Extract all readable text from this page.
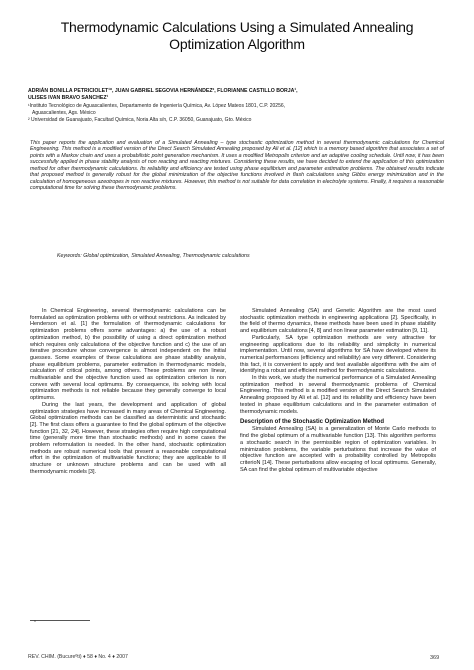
Thermodynamic Calculations Using a Simulated Annealing Optimization Algorithm
ADRIÁN BONILLA PETRICIOLET¹*, JUAN GABRIEL SEGOVIA HERNÁNDEZ², FLORIANNE CASTILLO BORJA¹,
ULISES IVAN BRAVO SANCHEZ¹

¹Instituto Tecnológico de Aguascalientes, Departamento de Ingeniería Química, Av. López Mateos 1801, C.P. 20256,

Aguascalientes, Ags. México

² Universidad de Guanajuato, Facultad Química, Noria Alta s/n, C.P. 36050, Guanajuato, Gto. México

This paper reports the application and evaluation of a Simulated Annealing – type stochastic optimization method in several thermodynamic calculations for Chemical Engineering. This method is a modified version of the Direct Search Simulated Annealing proposed by Ali et al. [12] which is a memory based algorithm that associates a set of points with a Markov chain and uses a probabilistic point generation mechanism. It uses a modified Metropolis criterion and an adaptive cooling schedule. Until now, it has been successfully applied in phase stability analysis of non reacting and reacting mixtures. Considering these results, we have decided to extend the application of this optimization method for other thermodynamic calculations. Its reliability and efficiency are tested using phase equilibrium and parameter estimation problems. The obtained results indicate that proposed method is generally robust for the global minimization of the objective functions involved in flash calculations using Gibbs energy minimization and in the calculation of homogeneous azeotropes in non reactive mixtures. However, this method is not suitable for data correlation in electrolyte systems. Finally, it requires a reasonable computational time for solving these thermodynamic problems.
Keywords: Global optimization, Simulated Annealing, Thermodynamic calculations

In Chemical Engineering, several thermodynamic calculations can be formulated as optimization problems with or without restrictions. As indicated by Henderson et al. [1] the formulation of thermodynamic calculations for optimization problems offers some advantages: a) the use of a robust optimization method, b) the possibility of using a direct optimization method which requires only calculations of the objective function and c) the use of an iterative procedure whose convergence is almost independent on the initial guesses. Some examples of these calculations are phase stability analysis, phase equilibrium problems, parameter estimation in thermodynamic models, calculation of critical points, among others. These problems are non linear, multivariable and the objective function used as optimization criterion is non convex with several local optimums. By consequence, its solving with local optimization methods is not reliable because they generally converge to local optimums.

During the last years, the development and application of global optimization strategies have increased in many areas of Chemical Engineering. Global optimization methods can be classified as deterministic and stochastic [2]. The first class offers a guarantee to find the global optimum of the objective function [21, 32, 24]. However, these strategies often require high computational time (generally more time than stochastic methods) and in some cases the problem reformulation is needed. In the other hand, stochastic optimization methods are robust numerical tools that present a reasonable computational effort in the optimization of multivariable functions; they are applicable to ill structure or unknown structure problems and can be used with all thermodynamic models [3].

Simulated Annealing (SA) and Genetic Algorithm are the most used stochastic optimization methods in engineering applications [2]. Specifically, in the field of thermo dynamics, these methods have been used in phase stability and equilibrium calculations [4, 8] and non linear parameter estimation [9, 11].

Particularly, SA type optimization methods are very attractive for engineering applications due to its reliability and simplicity in numerical implementation. Until now, several algorithms for SA have developed where its numerical performances (efficiency and reliability) are very different. Considering this fact, it is convenient to apply and test available algorithms with the aim of identifying a robust and efficient method for thermodynamic calculations.

In this work, we study the numerical performance of a Simulated Annealing optimization method in several thermodynamic problems of Chemical Engineering. This method is a modified version of the Direct Search Simulated Annealing proposed by Ali et al. [12] and its reliability and efficiency have been tested in phase equilibrium calculations and in the parameter estimation of thermodynamic models.

Description of the Stochastic Optimization Method

Simulated Annealing (SA) is a generalization of Monte Carlo methods to find the global optimum of a multivariable function [13]. This algorithm performs a stochastic search in the permissible region of optimization variables. In minimization problems, the variable perturbations that increase the value of objective function are accepted with a probability controlled by Metropolis criterioN [14]. These perturbations allow escaping of local optimums. Generally, SA can find the global optimum of multivariable objective

*
REV. CHIM. (Bucureºti) ♦ 58 ♦ No. 4 ♦ 2007	369
